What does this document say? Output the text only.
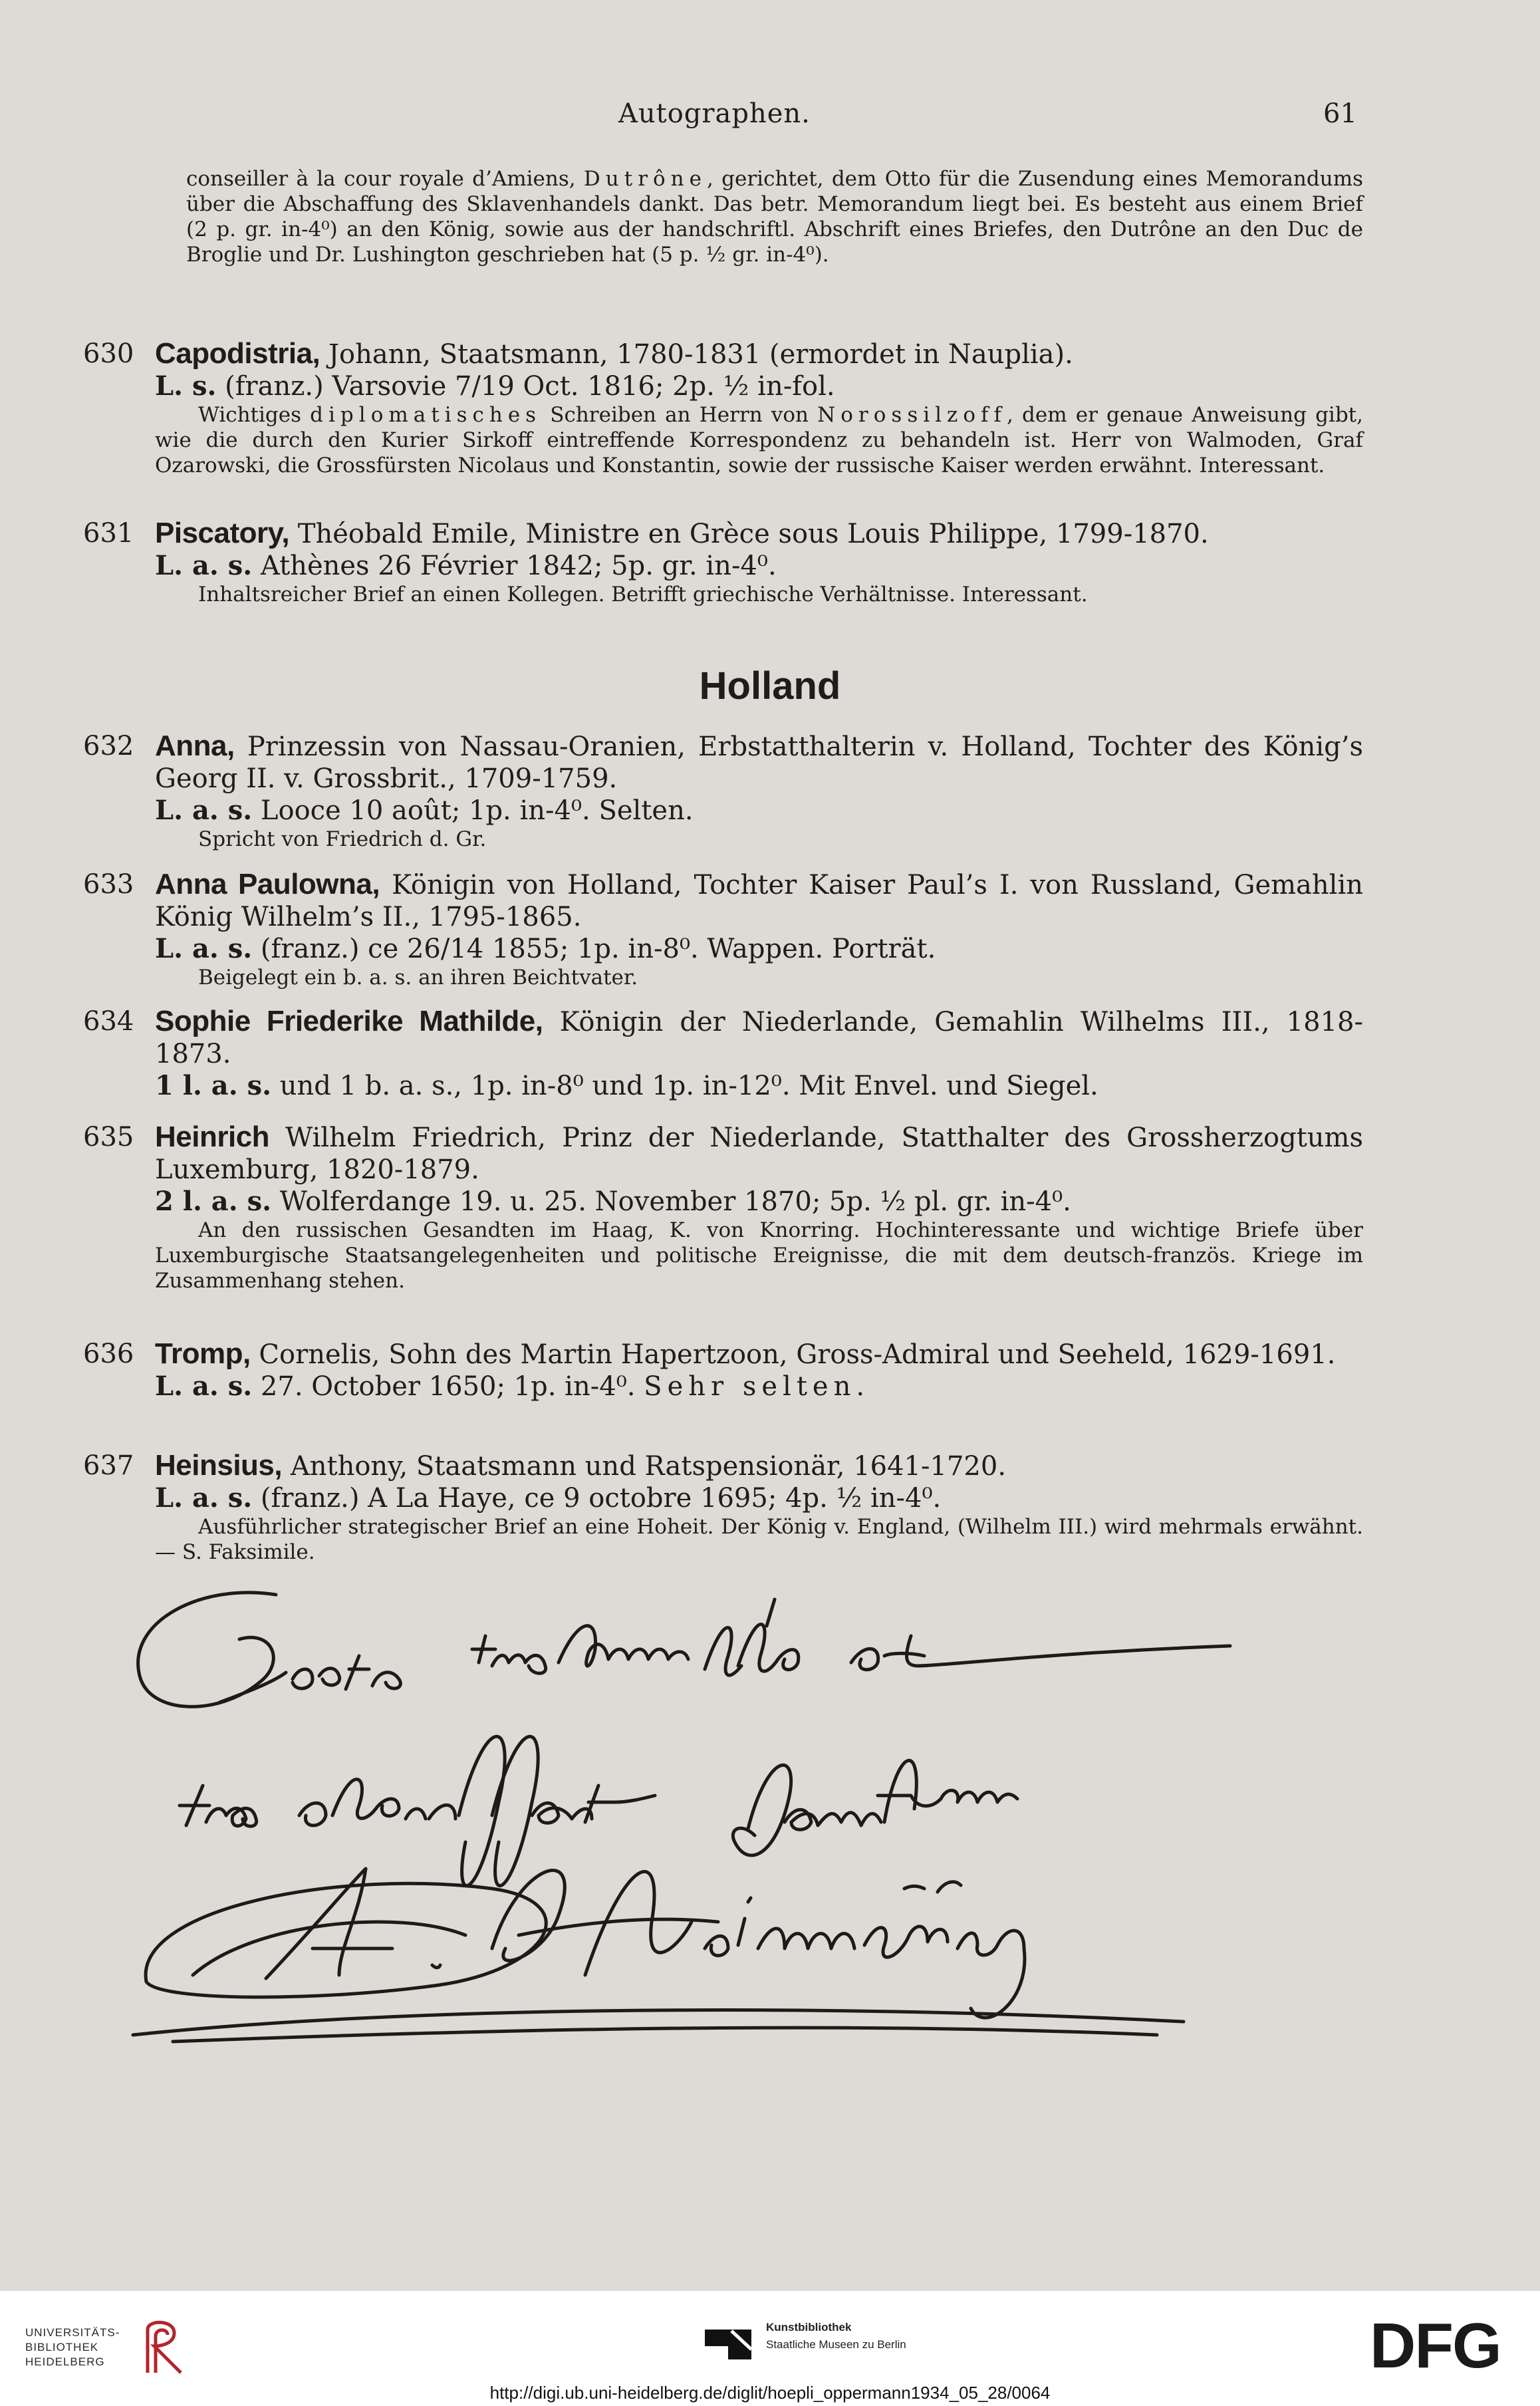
Autographen.	61
conseiller à la cour royale d’Amiens, Dutrône, gerichtet, dem Otto für die Zusendung eines Memorandums über die Abschaffung des Sklavenhandels dankt. Das betr. Memorandum liegt bei. Es besteht aus einem Brief (2 p. gr. in-4⁰) an den König, sowie aus der handschriftl. Abschrift eines Briefes, den Dutrône an den Duc de Broglie und Dr. Lushington geschrieben hat (5 p. ½ gr. in-4⁰).
630 Capodistria, Johann, Staatsmann, 1780-1831 (ermordet in Nauplia).
L. s. (franz.) Varsovie 7/19 Oct. 1816; 2p. ½ in-fol.
Wichtiges diplomatisches Schreiben an Herrn von Norossilzoff, dem er genaue Anweisung gibt, wie die durch den Kurier Sirkoff eintreffende Korrespondenz zu behandeln ist. Herr von Walmoden, Graf Ozarowski, die Grossfürsten Nicolaus und Konstantin, sowie der russische Kaiser werden erwähnt. Interessant.
631 Piscatory, Théobald Emile, Ministre en Grèce sous Louis Philippe, 1799-1870.
L. a. s. Athènes 26 Février 1842; 5p. gr. in-4⁰.
Inhaltsreicher Brief an einen Kollegen. Betrifft griechische Verhältnisse. Interessant.
Holland
632 Anna, Prinzessin von Nassau-Oranien, Erbstatthalterin v. Holland, Tochter des König’s Georg II. v. Grossbrit., 1709-1759.
L. a. s. Looce 10 août; 1p. in-4⁰. Selten.
Spricht von Friedrich d. Gr.
633 Anna Paulowna, Königin von Holland, Tochter Kaiser Paul’s I. von Russland, Gemahlin König Wilhelm’s II., 1795-1865.
L. a. s. (franz.) ce 26/14 1855; 1p. in-8⁰. Wappen. Porträt.
Beigelegt ein b. a. s. an ihren Beichtvater.
634 Sophie Friederike Mathilde, Königin der Niederlande, Gemahlin Wilhelms III., 1818-1873.
1 l. a. s. und 1 b. a. s., 1p. in-8⁰ und 1p. in-12⁰. Mit Envel. und Siegel.
635 Heinrich Wilhelm Friedrich, Prinz der Niederlande, Statthalter des Grossherzogtums Luxemburg, 1820-1879.
2 l. a. s. Wolferdange 19. u. 25. November 1870; 5p. ½ pl. gr. in-4⁰.
An den russischen Gesandten im Haag, K. von Knorring. Hochinteressante und wichtige Briefe über Luxemburgische Staatsangelegenheiten und politische Ereignisse, die mit dem deutsch-französ. Kriege im Zusammenhang stehen.
636 Tromp, Cornelis, Sohn des Martin Hapertzoon, Gross-Admiral und Seeheld, 1629-1691.
L. a. s. 27. October 1650; 1p. in-4⁰. Sehr selten.
637 Heinsius, Anthony, Staatsmann und Ratspensionär, 1641-1720.
L. a. s. (franz.) A La Haye, ce 9 octobre 1695; 4p. ½ in-4⁰.
Ausführlicher strategischer Brief an eine Hoheit. Der König v. England, (Wilhelm III.) wird mehrmals erwähnt. — S. Faksimile.
UNIVERSITÄTS-
BIBLIOTHEK
HEIDELBERG
Kunstbibliothek
Staatliche Museen zu Berlin	DFG
http://digi.ub.uni-heidelberg.de/diglit/hoepli_oppermann1934_05_28/0064
